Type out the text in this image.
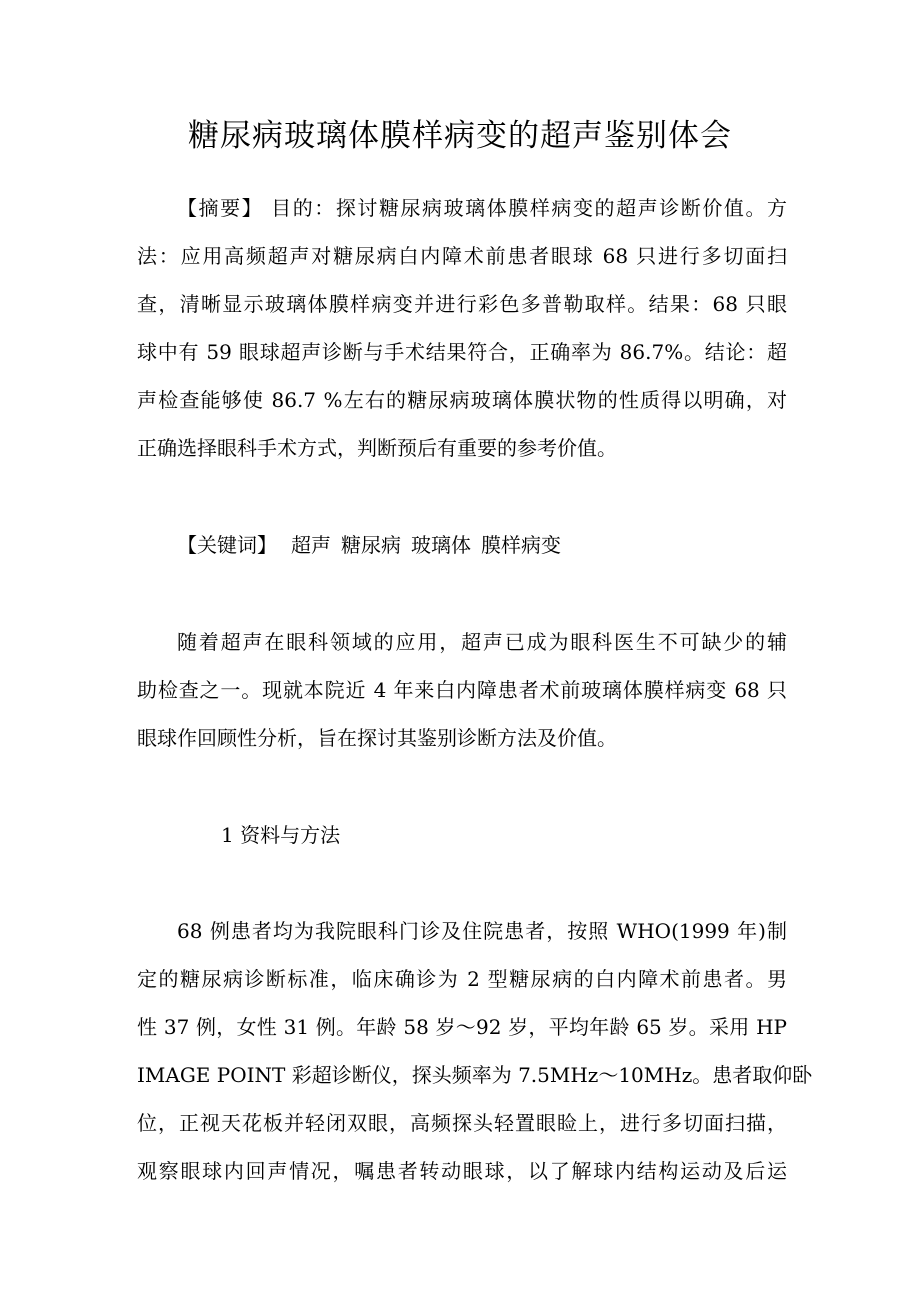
糖尿病玻璃体膜样病变的超声鉴别体会
【摘要】 目的：探讨糖尿病玻璃体膜样病变的超声诊断价值。方
法：应用高频超声对糖尿病白内障术前患者眼球 68 只进行多切面扫
查，清晰显示玻璃体膜样病变并进行彩色多普勒取样。结果：68 只眼
球中有 59 眼球超声诊断与手术结果符合，正确率为 86.7%。结论：超
声检查能够使 86.7 %左右的糖尿病玻璃体膜状物的性质得以明确，对
正确选择眼科手术方式，判断预后有重要的参考价值。
【关键词】 超声 糖尿病 玻璃体 膜样病变
随着超声在眼科领域的应用，超声已成为眼科医生不可缺少的辅
助检查之一。现就本院近 4 年来白内障患者术前玻璃体膜样病变 68 只
眼球作回顾性分析，旨在探讨其鉴别诊断方法及价值。
1 资料与方法
68 例患者均为我院眼科门诊及住院患者，按照 WHO(1999 年)制
定的糖尿病诊断标准，临床确诊为 2 型糖尿病的白内障术前患者。男
性 37 例，女性 31 例。年龄 58 岁～92 岁，平均年龄 65 岁。采用 HP
IMAGE POINT 彩超诊断仪，探头频率为 7.5MHz～10MHz。患者取仰卧
位，正视天花板并轻闭双眼，高频探头轻置眼睑上，进行多切面扫描，
观察眼球内回声情况，嘱患者转动眼球，以了解球内结构运动及后运
